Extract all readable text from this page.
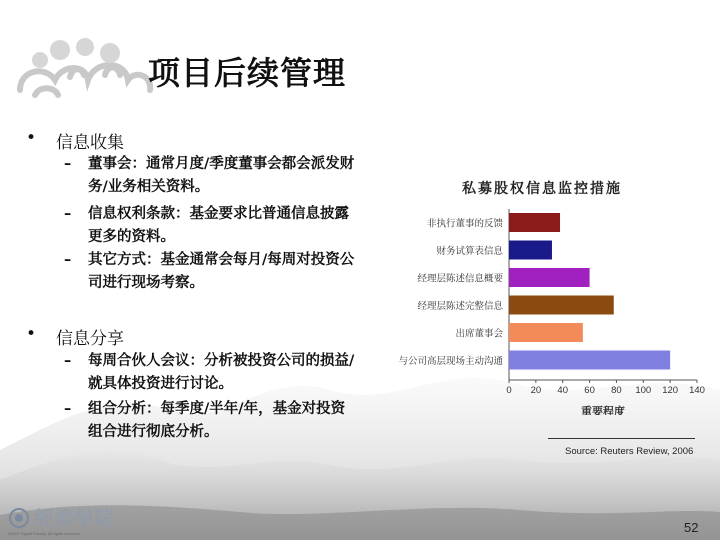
项目后续管理
• 信息收集
– 董事会：通常月度/季度董事会都会派发财务/业务相关资料。
– 信息权利条款：基金要求比普通信息披露更多的资料。
– 其它方式：基金通常会每月/每周对投资公司进行现场考察。
• 信息分享
– 每周合伙人会议：分析被投资公司的损益/就具体投资进行讨论。
– 组合分析：每季度/半年/年，基金对投资组合进行彻底分析。
私募股权信息监控措施
非执行董事的反馈
财务试算表信息
经理层陈述信息概要
经理层陈述完整信息
出席董事会
与公司高层现场主动沟通
0 20 40 60 80 100 120 140
重要程度
Source: Reuters Review, 2006
經濟學院
©2007 Signal Faculty. All rights reserved.	52
